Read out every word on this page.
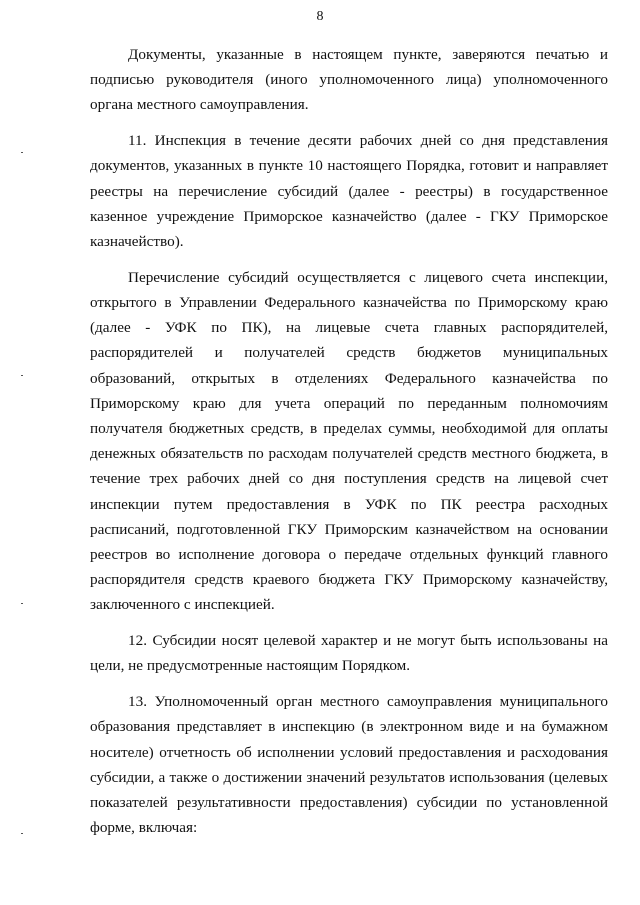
8

Документы, указанные в настоящем пункте, заверяются печатью и подписью руководителя (иного уполномоченного лица) уполномоченного органа местного самоуправления.

11. Инспекция в течение десяти рабочих дней со дня представления документов, указанных в пункте 10 настоящего Порядка, готовит и направляет реестры на перечисление субсидий (далее - реестры) в государственное казенное учреждение Приморское казначейство (далее - ГКУ Приморское казначейство).

Перечисление субсидий осуществляется с лицевого счета инспекции, открытого в Управлении Федерального казначейства по Приморскому краю (далее - УФК по ПК), на лицевые счета главных распорядителей, распорядителей и получателей средств бюджетов муниципальных образований, открытых в отделениях Федерального казначейства по Приморскому краю для учета операций по переданным полномочиям получателя бюджетных средств, в пределах суммы, необходимой для оплаты денежных обязательств по расходам получателей средств местного бюджета, в течение трех рабочих дней со дня поступления средств на лицевой счет инспекции путем предоставления в УФК по ПК реестра расходных расписаний, подготовленной ГКУ Приморским казначейством на основании реестров во исполнение договора о передаче отдельных функций главного распорядителя средств краевого бюджета ГКУ Приморскому казначейству, заключенного с инспекцией.

12. Субсидии носят целевой характер и не могут быть использованы на цели, не предусмотренные настоящим Порядком.

13. Уполномоченный орган местного самоуправления муниципального образования представляет в инспекцию (в электронном виде и на бумажном носителе) отчетность об исполнении условий предоставления и расходования субсидии, а также о достижении значений результатов использования (целевых показателей результативности предоставления) субсидии по установленной форме, включая:
